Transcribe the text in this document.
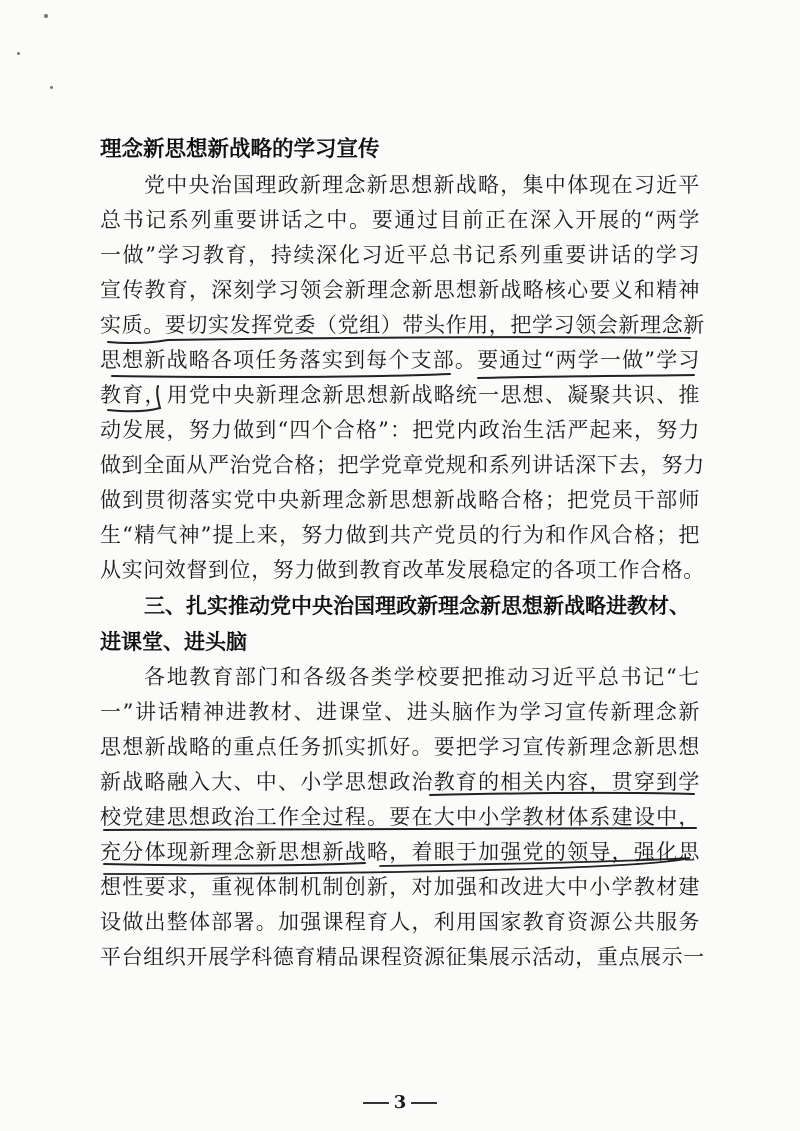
理念新思想新战略的学习宣传
党中央治国理政新理念新思想新战略，集中体现在习近平
总书记系列重要讲话之中。要通过目前正在深入开展的“两学
一做”学习教育，持续深化习近平总书记系列重要讲话的学习
宣传教育，深刻学习领会新理念新思想新战略核心要义和精神
实质。要切实发挥党委（党组）带头作用，把学习领会新理念新
思想新战略各项任务落实到每个支部。要通过“两学一做”学习
教育，用党中央新理念新思想新战略统一思想、凝聚共识、推
动发展，努力做到“四个合格”：把党内政治生活严起来，努力
做到全面从严治党合格；把学党章党规和系列讲话深下去，努力
做到贯彻落实党中央新理念新思想新战略合格；把党员干部师
生“精气神”提上来，努力做到共产党员的行为和作风合格；把
从实问效督到位，努力做到教育改革发展稳定的各项工作合格。
三、扎实推动党中央治国理政新理念新思想新战略进教材、
进课堂、进头脑
各地教育部门和各级各类学校要把推动习近平总书记“七
一”讲话精神进教材、进课堂、进头脑作为学习宣传新理念新
思想新战略的重点任务抓实抓好。要把学习宣传新理念新思想
新战略融入大、中、小学思想政治教育的相关内容，贯穿到学
校党建思想政治工作全过程。要在大中小学教材体系建设中，
充分体现新理念新思想新战略，着眼于加强党的领导，强化思
想性要求，重视体制机制创新，对加强和改进大中小学教材建
设做出整体部署。加强课程育人，利用国家教育资源公共服务
平台组织开展学科德育精品课程资源征集展示活动，重点展示一
3
